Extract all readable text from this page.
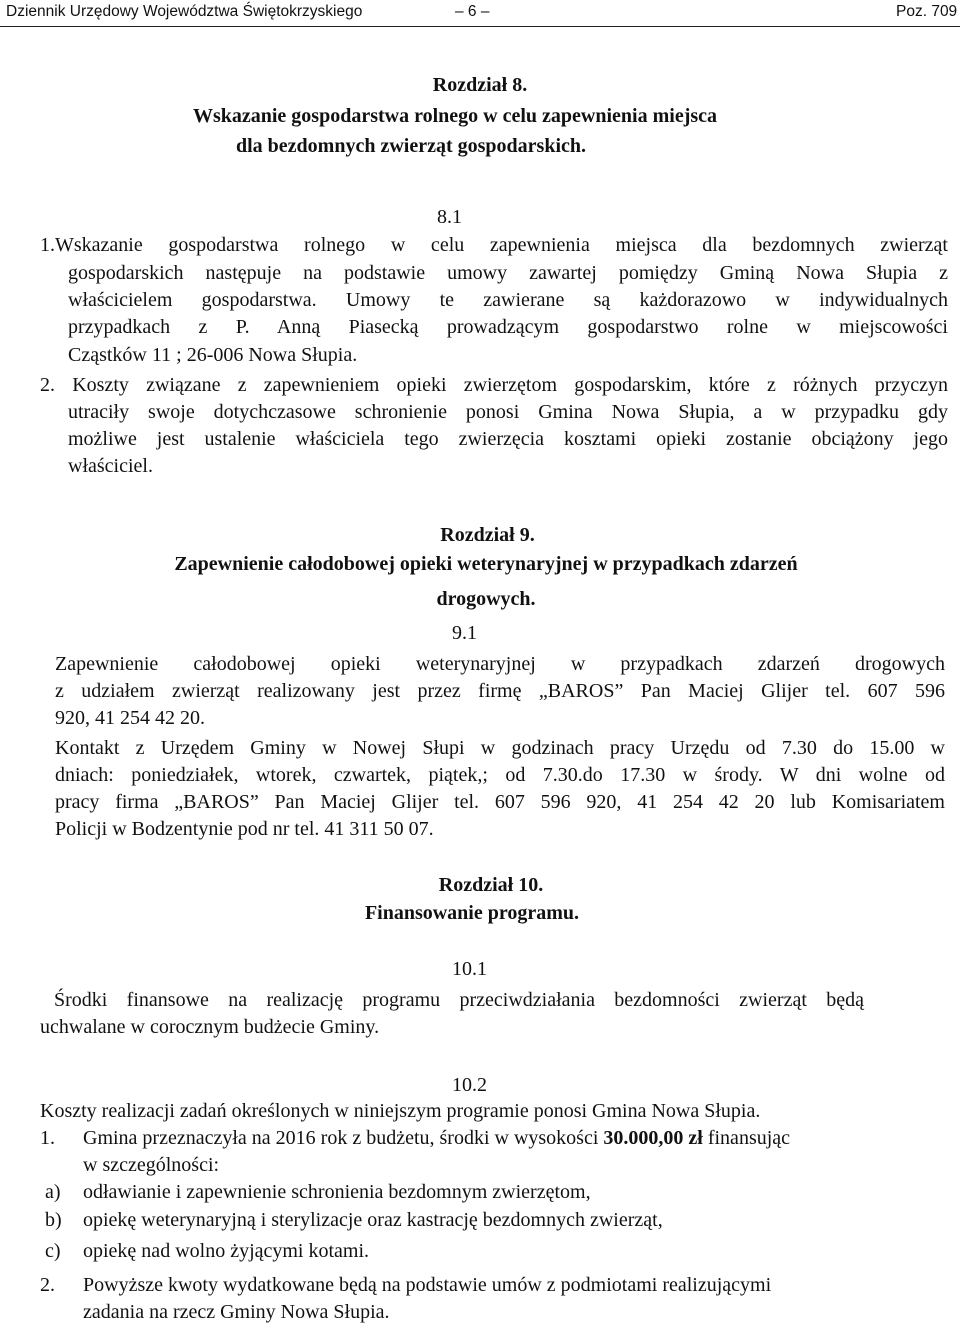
Dziennik Urzędowy Województwa Świętokrzyskiego	– 6 –	Poz. 709
Rozdział 8.
Wskazanie gospodarstwa rolnego w celu zapewnienia miejsca
dla bezdomnych zwierząt gospodarskich.
8.1
1.Wskazanie gospodarstwa rolnego w celu zapewnienia miejsca dla bezdomnych zwierząt
gospodarskich następuje na podstawie umowy zawartej pomiędzy Gminą Nowa Słupia z
właścicielem gospodarstwa. Umowy te zawierane są każdorazowo w indywidualnych
przypadkach z P. Anną Piasecką prowadzącym gospodarstwo rolne w miejscowości
Cząstków 11 ; 26-006 Nowa Słupia.
2. Koszty związane z zapewnieniem opieki zwierzętom gospodarskim, które z różnych przyczyn
utraciły swoje dotychczasowe schronienie ponosi Gmina Nowa Słupia, a w przypadku gdy
możliwe jest ustalenie właściciela tego zwierzęcia kosztami opieki zostanie obciążony jego
właściciel.
Rozdział 9.
Zapewnienie całodobowej opieki weterynaryjnej w przypadkach zdarzeń
drogowych.
9.1
Zapewnienie całodobowej opieki weterynaryjnej w przypadkach zdarzeń drogowych
z udziałem zwierząt realizowany jest przez firmę „BAROS” Pan Maciej Glijer tel. 607 596
920, 41 254 42 20.
Kontakt z Urzędem Gminy w Nowej Słupi w godzinach pracy Urzędu od 7.30 do 15.00 w
dniach: poniedziałek, wtorek, czwartek, piątek,; od 7.30.do 17.30 w środy. W dni wolne od
pracy firma „BAROS” Pan Maciej Glijer tel. 607 596 920, 41 254 42 20 lub Komisariatem
Policji w Bodzentynie pod nr tel. 41 311 50 07.
Rozdział 10.
Finansowanie programu.
10.1
Środki finansowe na realizację programu przeciwdziałania bezdomności zwierząt będą
uchwalane w corocznym budżecie Gminy.
10.2
Koszty realizacji zadań określonych w niniejszym programie ponosi Gmina Nowa Słupia.
1. Gmina przeznaczyła na 2016 rok z budżetu, środki w wysokości 30.000,00 zł finansując
w szczególności:
a) odławianie i zapewnienie schronienia bezdomnym zwierzętom,
b) opiekę weterynaryjną i sterylizacje oraz kastrację bezdomnych zwierząt,
c) opiekę nad wolno żyjącymi kotami.
2. Powyższe kwoty wydatkowane będą na podstawie umów z podmiotami realizującymi
zadania na rzecz Gminy Nowa Słupia.
